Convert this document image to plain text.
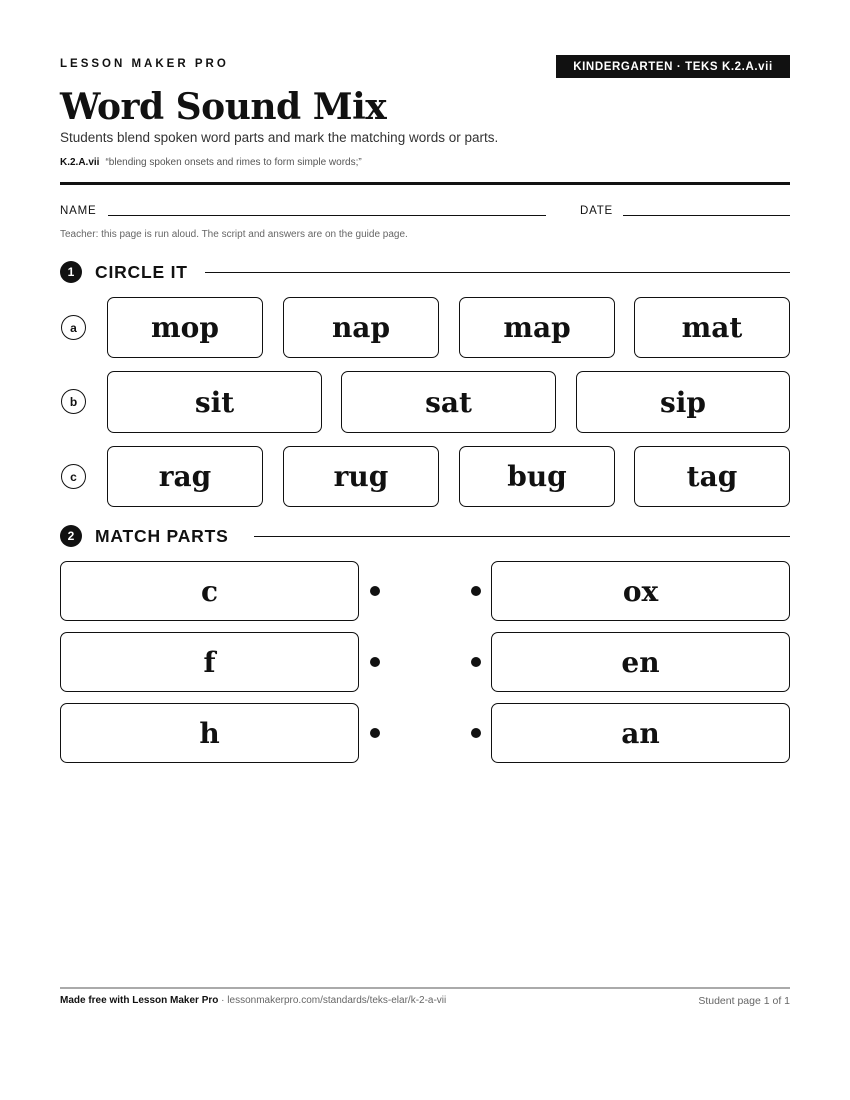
LESSON MAKER PRO	KINDERGARTEN · TEKS K.2.A.vii
Word Sound Mix
Students blend spoken word parts and mark the matching words or parts.
K.2.A.vii “blending spoken onsets and rimes to form simple words;”
NAME	DATE
Teacher: this page is run aloud. The script and answers are on the guide page.
1	CIRCLE IT
a	mop	nap	map	mat
b	sit	sat	sip
c	rag	rug	bug	tag
2	MATCH PARTS
c	ox
f	en
h	an
Made free with Lesson Maker Pro · lessonmakerpro.com/standards/teks-elar/k-2-a-vii	Student page 1 of 1
